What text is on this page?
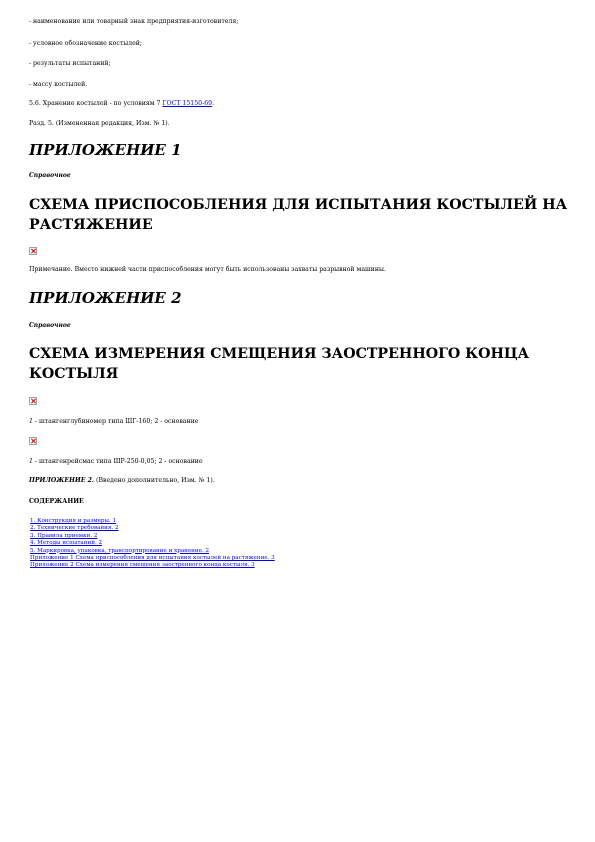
- наименование или товарный знак предприятия-изготовителя;
- условное обозначение костылей;
- результаты испытаний;
- массу костылей.
5.6. Хранение костылей - по условиям 7 ГОСТ 15150-69.
Разд. 5. (Измененная редакция, Изм. № 1).
ПРИЛОЖЕНИЕ 1
Справочное
СХЕМА ПРИСПОСОБЛЕНИЯ ДЛЯ ИСПЫТАНИЯ КОСТЫЛЕЙ НА РАСТЯЖЕНИЕ
Примечание. Вместо нижней части приспособления могут быть использованы захваты разрывной машины.
ПРИЛОЖЕНИЕ 2
Справочное
СХЕМА ИЗМЕРЕНИЯ СМЕЩЕНИЯ ЗАОСТРЕННОГО КОНЦА КОСТЫЛЯ
1 - штангенглубиномер типа ШГ-160; 2 - основание
1 - штангенрейсмас типа ШР-250-0,05; 2 - основание
ПРИЛОЖЕНИЕ 2. (Введено дополнительно, Изм. № 1).
СОДЕРЖАНИЕ
1. Конструкция и размеры. 1
2. Технические требования. 2
3. Правила приемки. 2
4. Методы испытаний. 2
5. Маркировка, упаковка, транспортирование и хранение. 2
Приложение 1 Схема приспособления для испытания костылей на растяжение. 3
Приложение 2 Схема измерения смещения заостренного конца костыля. 3
